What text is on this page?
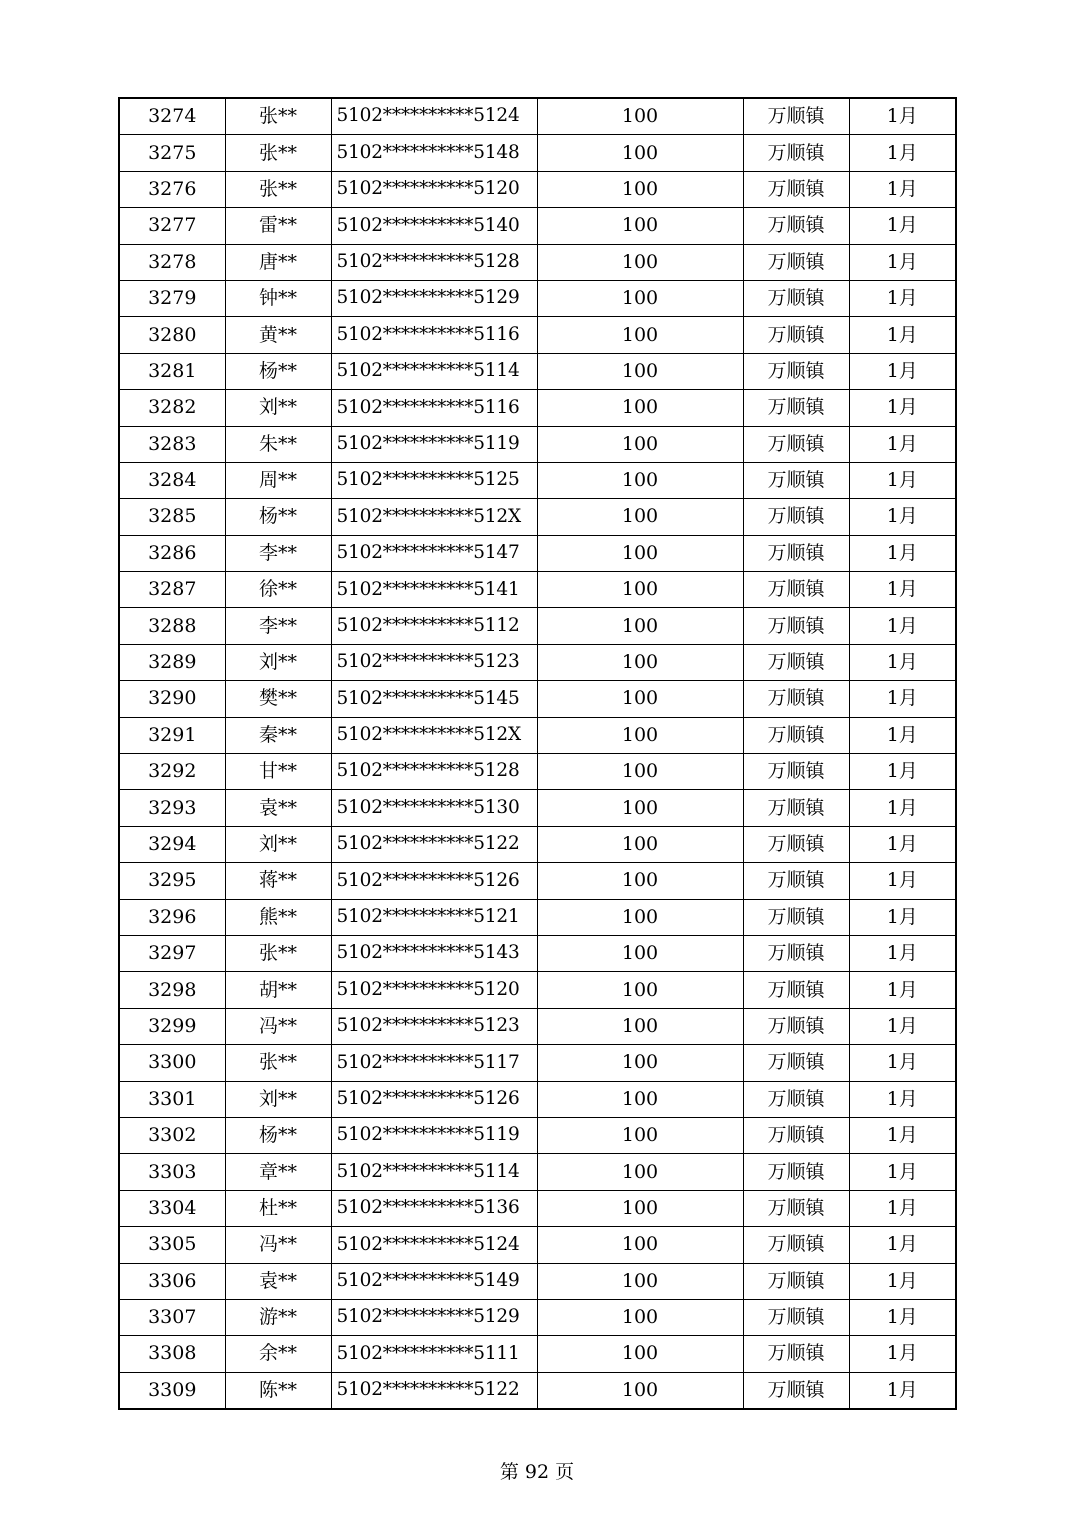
3274	张**	5102**********5124	100	万顺镇	1月
3275	张**	5102**********5148	100	万顺镇	1月
3276	张**	5102**********5120	100	万顺镇	1月
3277	雷**	5102**********5140	100	万顺镇	1月
3278	唐**	5102**********5128	100	万顺镇	1月
3279	钟**	5102**********5129	100	万顺镇	1月
3280	黄**	5102**********5116	100	万顺镇	1月
3281	杨**	5102**********5114	100	万顺镇	1月
3282	刘**	5102**********5116	100	万顺镇	1月
3283	朱**	5102**********5119	100	万顺镇	1月
3284	周**	5102**********5125	100	万顺镇	1月
3285	杨**	5102**********512X	100	万顺镇	1月
3286	李**	5102**********5147	100	万顺镇	1月
3287	徐**	5102**********5141	100	万顺镇	1月
3288	李**	5102**********5112	100	万顺镇	1月
3289	刘**	5102**********5123	100	万顺镇	1月
3290	樊**	5102**********5145	100	万顺镇	1月
3291	秦**	5102**********512X	100	万顺镇	1月
3292	甘**	5102**********5128	100	万顺镇	1月
3293	袁**	5102**********5130	100	万顺镇	1月
3294	刘**	5102**********5122	100	万顺镇	1月
3295	蒋**	5102**********5126	100	万顺镇	1月
3296	熊**	5102**********5121	100	万顺镇	1月
3297	张**	5102**********5143	100	万顺镇	1月
3298	胡**	5102**********5120	100	万顺镇	1月
3299	冯**	5102**********5123	100	万顺镇	1月
3300	张**	5102**********5117	100	万顺镇	1月
3301	刘**	5102**********5126	100	万顺镇	1月
3302	杨**	5102**********5119	100	万顺镇	1月
3303	章**	5102**********5114	100	万顺镇	1月
3304	杜**	5102**********5136	100	万顺镇	1月
3305	冯**	5102**********5124	100	万顺镇	1月
3306	袁**	5102**********5149	100	万顺镇	1月
3307	游**	5102**********5129	100	万顺镇	1月
3308	余**	5102**********5111	100	万顺镇	1月
3309	陈**	5102**********5122	100	万顺镇	1月
第 92 页
